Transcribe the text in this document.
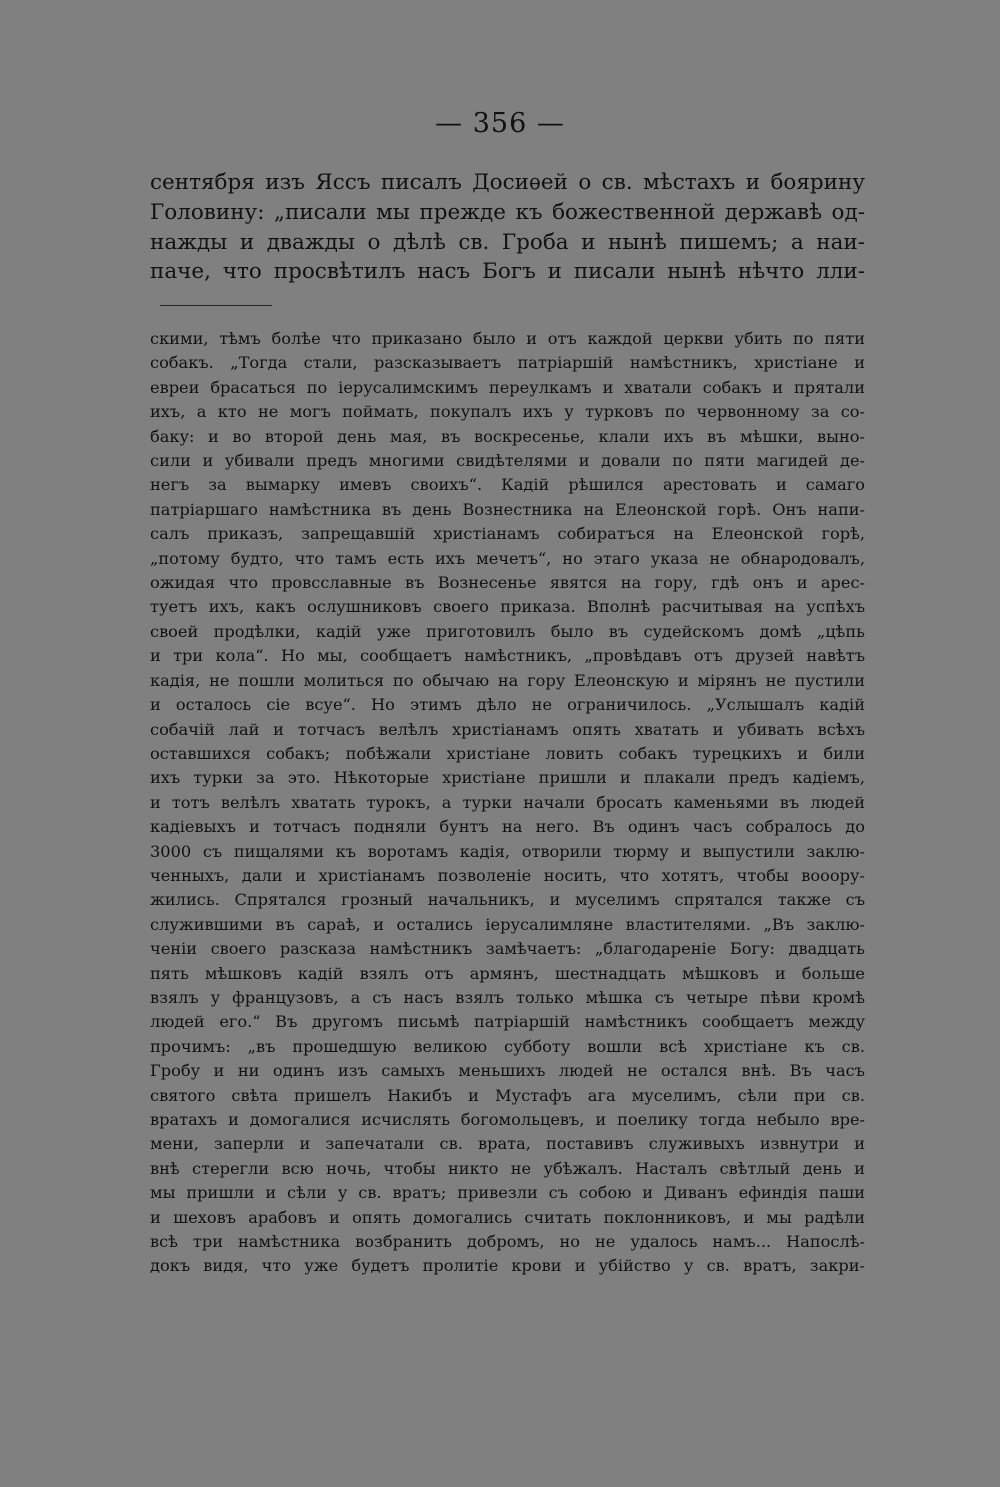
— 356 —
сентября изъ Яссъ писалъ Досиѳей о св. мѣстахъ и боярину
Головину: „писали мы прежде къ божественной державѣ од-
нажды и дважды о дѣлѣ св. Гроба и нынѣ пишемъ; а наи-
паче, что просвѣтилъ насъ Богъ и писали нынѣ нѣчто лли-
скими, тѣмъ болѣе что приказано было и отъ каждой церкви убить по пяти
собакъ. „Тогда стали, разсказываетъ патріаршій намѣстникъ, христіане и
евреи брасаться по іерусалимскимъ переулкамъ и хватали собакъ и прятали
ихъ, а кто не могъ поймать, покупалъ ихъ у турковъ по червонному за со-
баку: и во второй день мая, въ воскресенье, клали ихъ въ мѣшки, выно-
сили и убивали предъ многими свидѣтелями и довали по пяти магидей де-
негъ за вымарку имевъ своихъ“. Кадій рѣшился арестовать и самаго
патріаршаго намѣстника въ день Вознестника на Елеонской горѣ. Онъ напи-
салъ приказъ, запрещавшій христіанамъ собиратъся на Елеонской горѣ,
„потому будто, что тамъ есть ихъ мечетъ“, но этаго указа не обнародовалъ,
ожидая что провсславные въ Вознесенье явятся на гору, гдѣ онъ и арес-
туетъ ихъ, какъ ослушниковъ своего приказа. Вполнѣ расчитывая на успѣхъ
своей продѣлки, кадій уже приготовилъ было въ судейскомъ домѣ „цѣпь
и три кола“. Но мы, сообщаетъ намѣстникъ, „провѣдавъ отъ друзей навѣтъ
кадія, не пошли молиться по обычаю на гору Елеонскую и мірянъ не пустили
и осталось сіе всуе“. Но этимъ дѣло не ограничилось. „Услышалъ кадій
собачій лай и тотчасъ велѣлъ христіанамъ опять хватать и убивать всѣхъ
оставшихся собакъ; побѣжали христіане ловить собакъ турецкихъ и били
ихъ турки за это. Нѣкоторые христіане пришли и плакали предъ кадіемъ,
и тотъ велѣлъ хватать турокъ, а турки начали бросать каменьями въ людей
кадіевыхъ и тотчасъ подняли бунтъ на него. Въ одинъ часъ собралось до
3000 съ пищалями къ воротамъ кадія, отворили тюрму и выпустили заклю-
ченныхъ, дали и христіанамъ позволеніе носить, что хотятъ, чтобы вооору-
жились. Спрятался грозный начальникъ, и муселимъ спрятался также съ
служившими въ сараѣ, и остались іерусалимляне властителями. „Въ заклю-
ченіи своего разсказа намѣстникъ замѣчаетъ: „благодареніе Богу: двадцать
пять мѣшковъ кадій взялъ отъ армянъ, шестнадцать мѣшковъ и больше
взялъ у французовъ, а съ насъ взялъ только мѣшка съ четыре пѣви кромѣ
людей его.“ Въ другомъ письмѣ патріаршій намѣстникъ сообщаетъ между
прочимъ: „въ прошедшую великою субботу вошли всѣ христіане къ св.
Гробу и ни одинъ изъ самыхъ меньшихъ людей не остался внѣ. Въ часъ
святого свѣта пришелъ Накибъ и Мустафъ ага муселимъ, сѣли при св.
вратахъ и домогалися исчислять богомольцевъ, и поелику тогда небыло вре-
мени, заперли и запечатали св. врата, поставивъ служивыхъ извнутри и
внѣ стерегли всю ночь, чтобы никто не убѣжалъ. Насталъ свѣтлый день и
мы пришли и сѣли у св. вратъ; привезли съ собою и Диванъ ефиндія паши
и шеховъ арабовъ и опять домогались считать поклонниковъ, и мы радѣли
всѣ три намѣстника возбранить добромъ, но не удалось намъ... Напослѣ-
докъ видя, что уже будетъ пролитіе крови и убійство у св. вратъ, закри-
